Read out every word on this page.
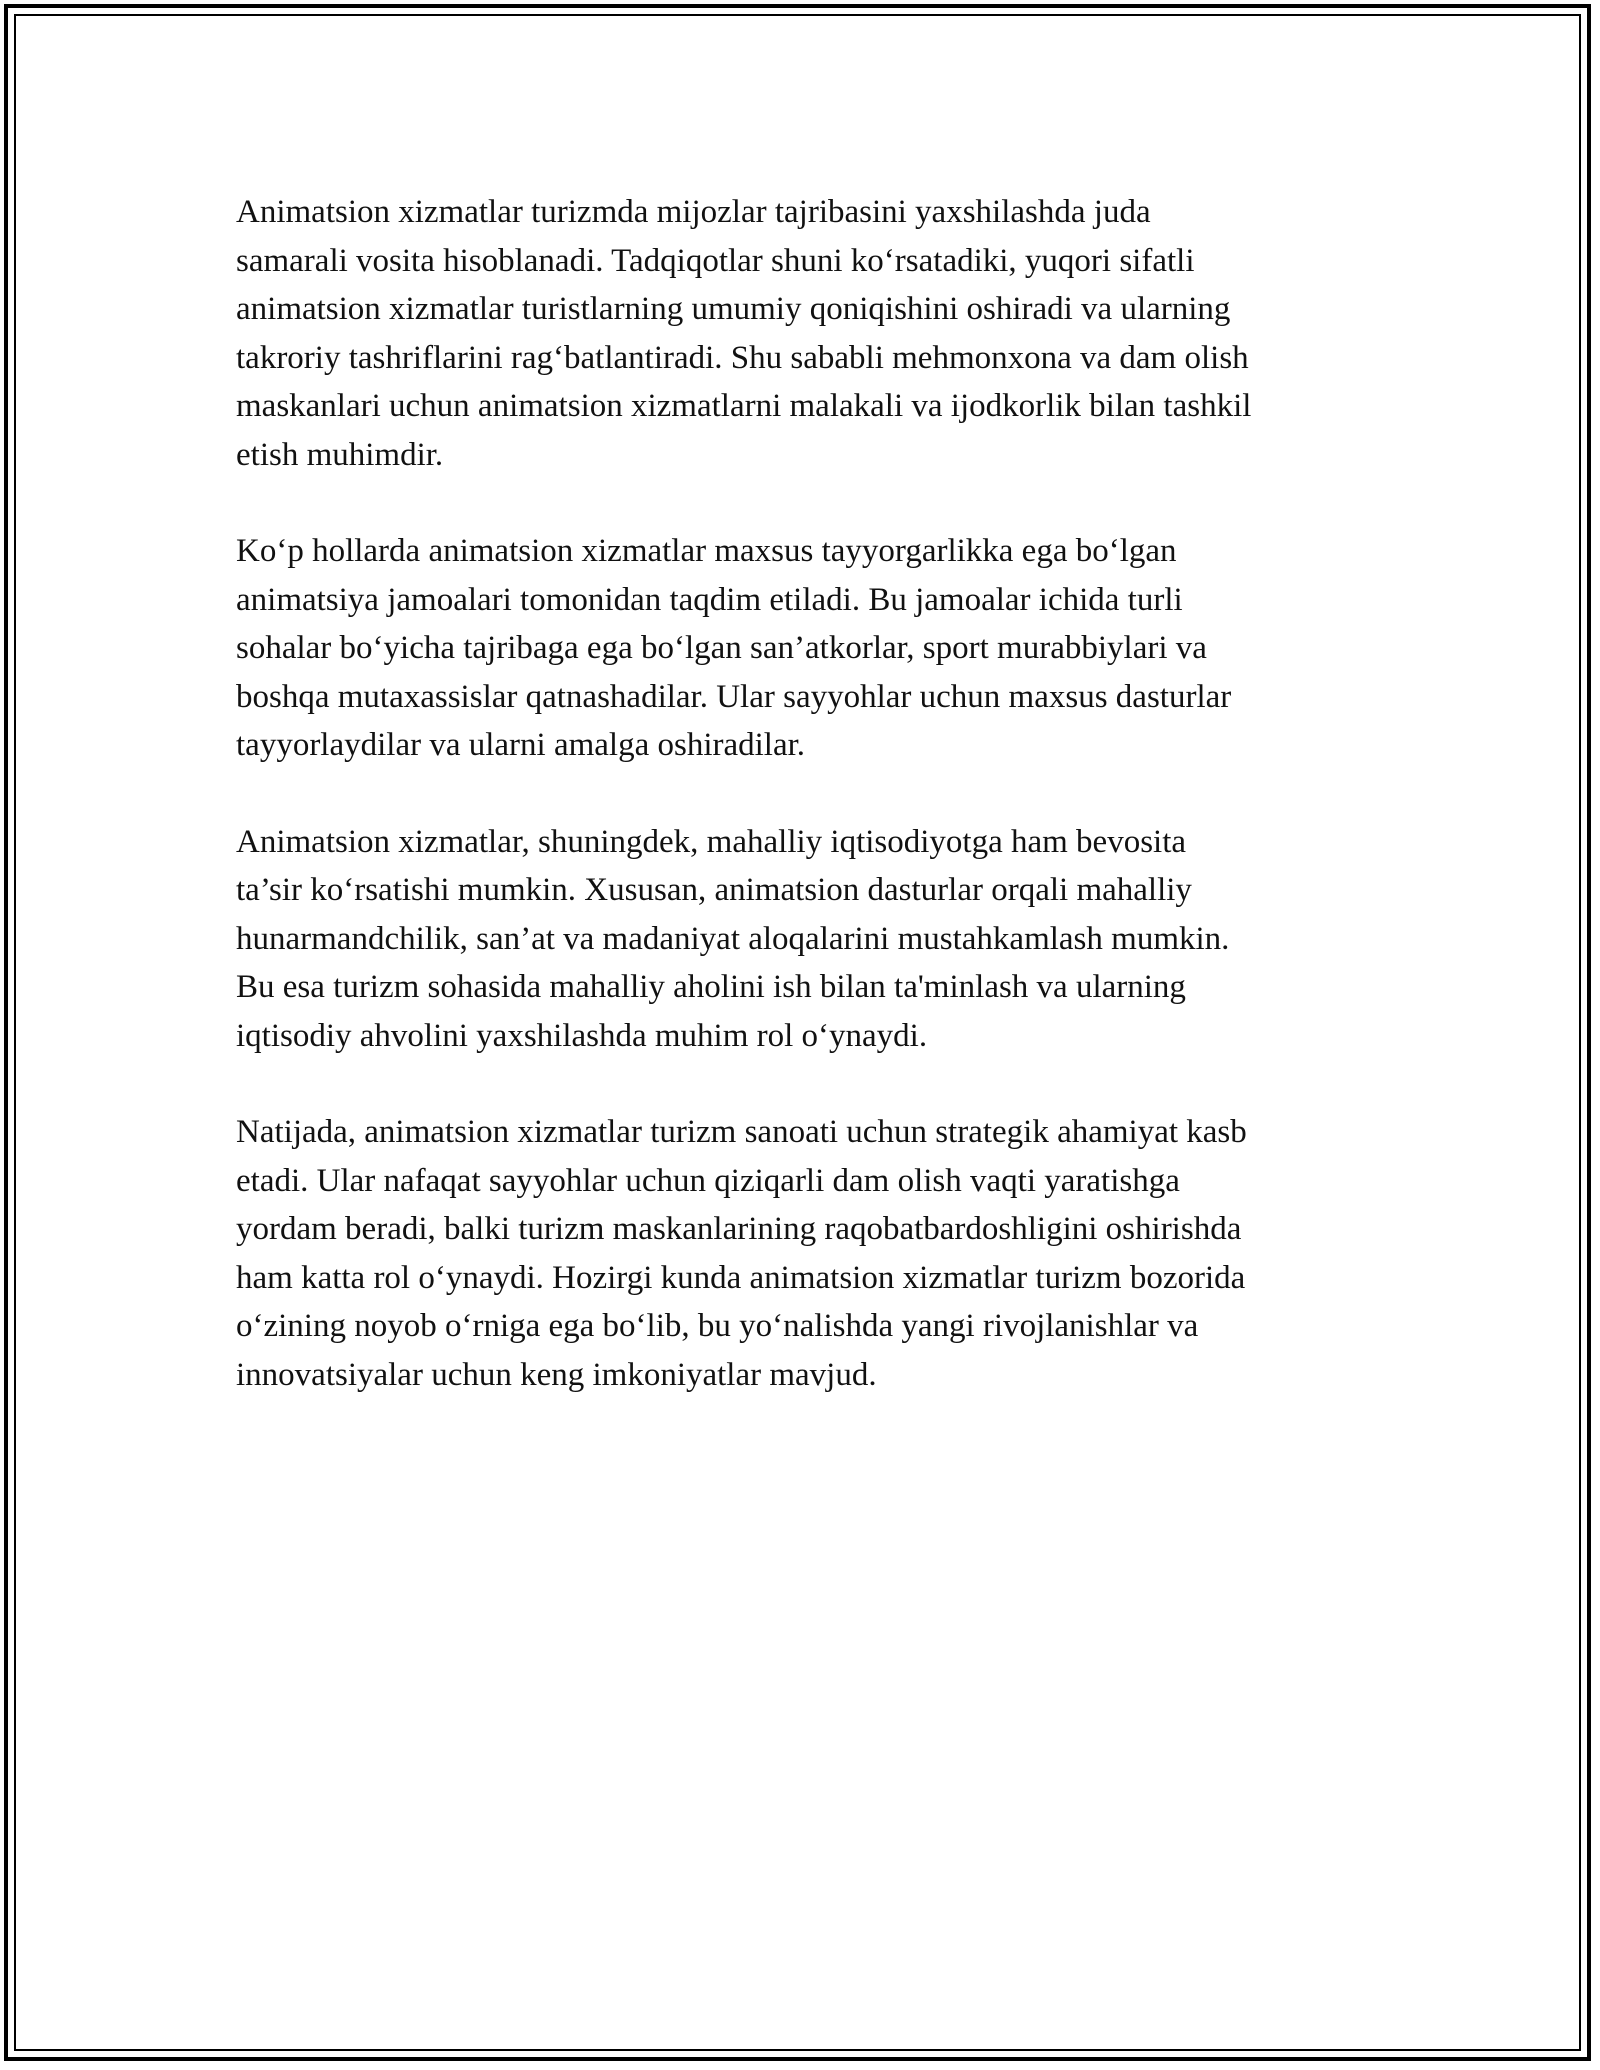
Animatsion xizmatlar turizmda mijozlar tajribasini yaxshilashda juda
samarali vosita hisoblanadi. Tadqiqotlar shuni koʻrsatadiki, yuqori sifatli
animatsion xizmatlar turistlarning umumiy qoniqishini oshiradi va ularning
takroriy tashriflarini ragʻbatlantiradi. Shu sababli mehmonxona va dam olish
maskanlari uchun animatsion xizmatlarni malakali va ijodkorlik bilan tashkil
etish muhimdir.

Koʻp hollarda animatsion xizmatlar maxsus tayyorgarlikka ega boʻlgan
animatsiya jamoalari tomonidan taqdim etiladi. Bu jamoalar ichida turli
sohalar boʻyicha tajribaga ega boʻlgan san’atkorlar, sport murabbiylari va
boshqa mutaxassislar qatnashadilar. Ular sayyohlar uchun maxsus dasturlar
tayyorlaydilar va ularni amalga oshiradilar.

Animatsion xizmatlar, shuningdek, mahalliy iqtisodiyotga ham bevosita
ta’sir koʻrsatishi mumkin. Xususan, animatsion dasturlar orqali mahalliy
hunarmandchilik, san’at va madaniyat aloqalarini mustahkamlash mumkin.
Bu esa turizm sohasida mahalliy aholini ish bilan ta'minlash va ularning
iqtisodiy ahvolini yaxshilashda muhim rol oʻynaydi.

Natijada, animatsion xizmatlar turizm sanoati uchun strategik ahamiyat kasb
etadi. Ular nafaqat sayyohlar uchun qiziqarli dam olish vaqti yaratishga
yordam beradi, balki turizm maskanlarining raqobatbardoshligini oshirishda
ham katta rol oʻynaydi. Hozirgi kunda animatsion xizmatlar turizm bozorida
oʻzining noyob oʻrniga ega boʻlib, bu yoʻnalishda yangi rivojlanishlar va
innovatsiyalar uchun keng imkoniyatlar mavjud.
